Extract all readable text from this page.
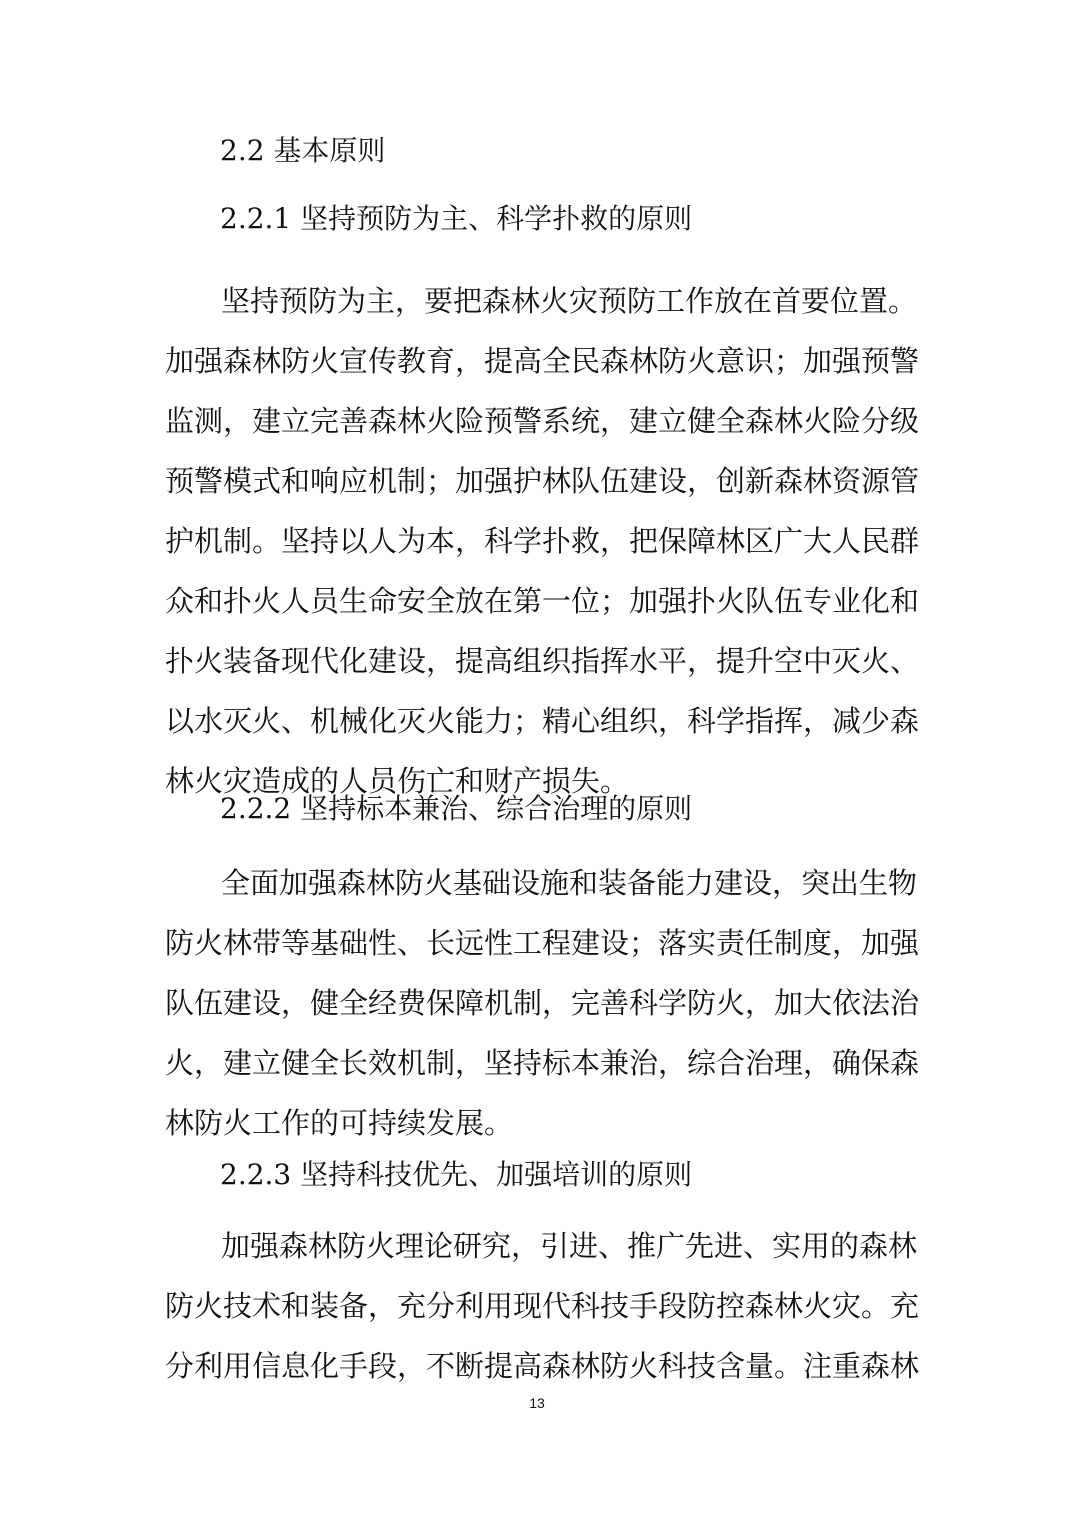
2.2 基本原则
2.2.1 坚持预防为主、科学扑救的原则
坚持预防为主，要把森林火灾预防工作放在首要位置。
加强森林防火宣传教育，提高全民森林防火意识；加强预警
监测，建立完善森林火险预警系统，建立健全森林火险分级
预警模式和响应机制；加强护林队伍建设，创新森林资源管
护机制。坚持以人为本，科学扑救，把保障林区广大人民群
众和扑火人员生命安全放在第一位；加强扑火队伍专业化和
扑火装备现代化建设，提高组织指挥水平，提升空中灭火、
以水灭火、机械化灭火能力；精心组织，科学指挥，减少森
林火灾造成的人员伤亡和财产损失。
2.2.2 坚持标本兼治、综合治理的原则
全面加强森林防火基础设施和装备能力建设，突出生物
防火林带等基础性、长远性工程建设；落实责任制度，加强
队伍建设，健全经费保障机制，完善科学防火，加大依法治
火，建立健全长效机制，坚持标本兼治，综合治理，确保森
林防火工作的可持续发展。
2.2.3 坚持科技优先、加强培训的原则
加强森林防火理论研究，引进、推广先进、实用的森林
防火技术和装备，充分利用现代科技手段防控森林火灾。充
分利用信息化手段，不断提高森林防火科技含量。注重森林
13
